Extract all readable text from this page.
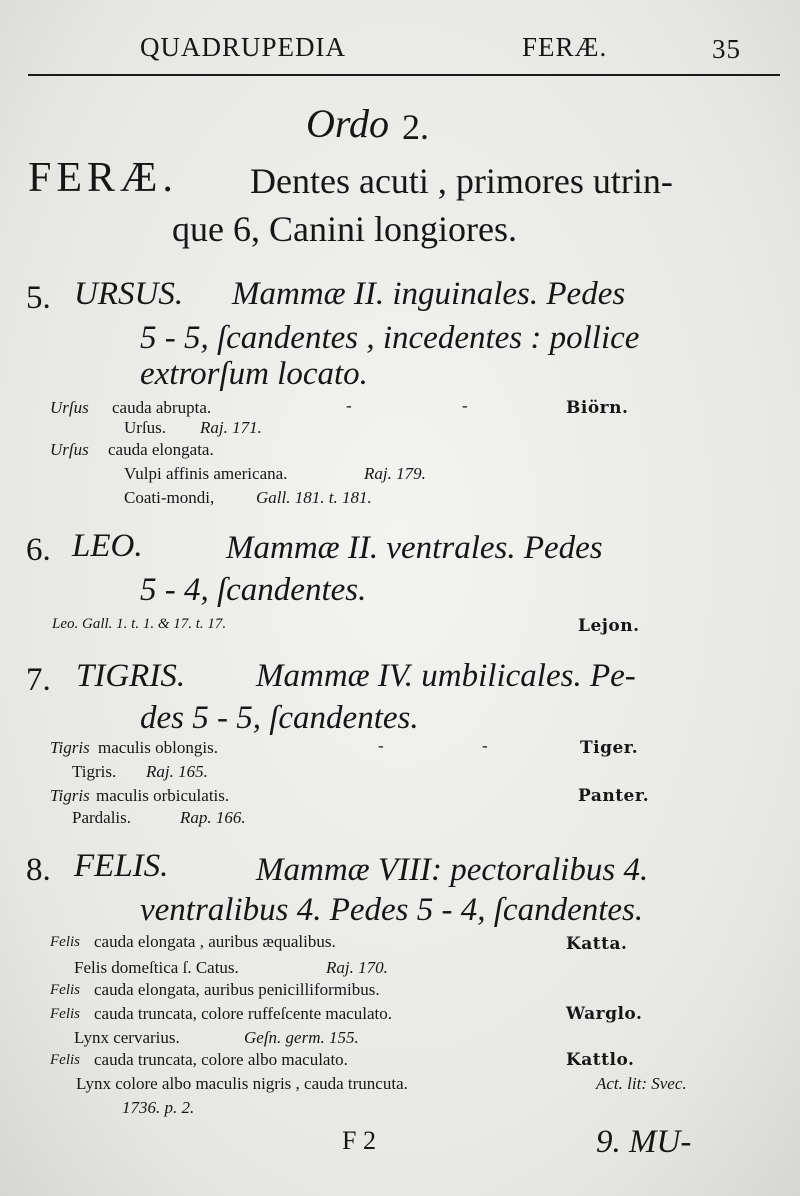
QUADRUPEDIA	FERÆ.	35
Ordo 2.
FERÆ. Dentes acuti , primores utrin-
que 6, Canini longiores.
5. URSUS. Mammæ II. inguinales. Pedes
5 - 5, ſcandentes , incedentes : pollice
extrorſum locato.
Urſus cauda abrupta.	-	-	Biörn.
Urſus. Raj. 171.
Urſus cauda elongata.
Vulpi affinis americana.	Raj. 179.
Coati-mondi, Gall. 181. t. 181.
6. LEO.	Mammæ II. ventrales. Pedes
5 - 4, ſcandentes.
Leo. Gall. 1. t. 1. & 17. t. 17.	Lejon.
7. TIGRIS. Mammæ IV. umbilicales. Pe-
des 5 - 5, ſcandentes.
Tigris maculis oblongis.	-	-	Tiger.
Tigris. Raj. 165.
Tigris maculis orbiculatis.	Panter.
Pardalis.	Rap. 166.
8. FELIS.	Mammæ VIII: pectoralibus 4.
ventralibus 4. Pedes 5 - 4, ſcandentes.
Felis cauda elongata , auribus æqualibus.	Katta.
Felis domeſtica ſ. Catus.	Raj. 170.
Felis cauda elongata, auribus penicilliformibus.
Felis cauda truncata, colore ruffeſcente maculato.	Warglo.
Lynx cervarius.	Geſn. germ. 155.
Felis cauda truncata, colore albo maculato.	Kattlo.
Lynx colore albo maculis nigris , cauda truncuta.	Act. lit: Svec.
1736. p. 2.
F 2	9. MU-
